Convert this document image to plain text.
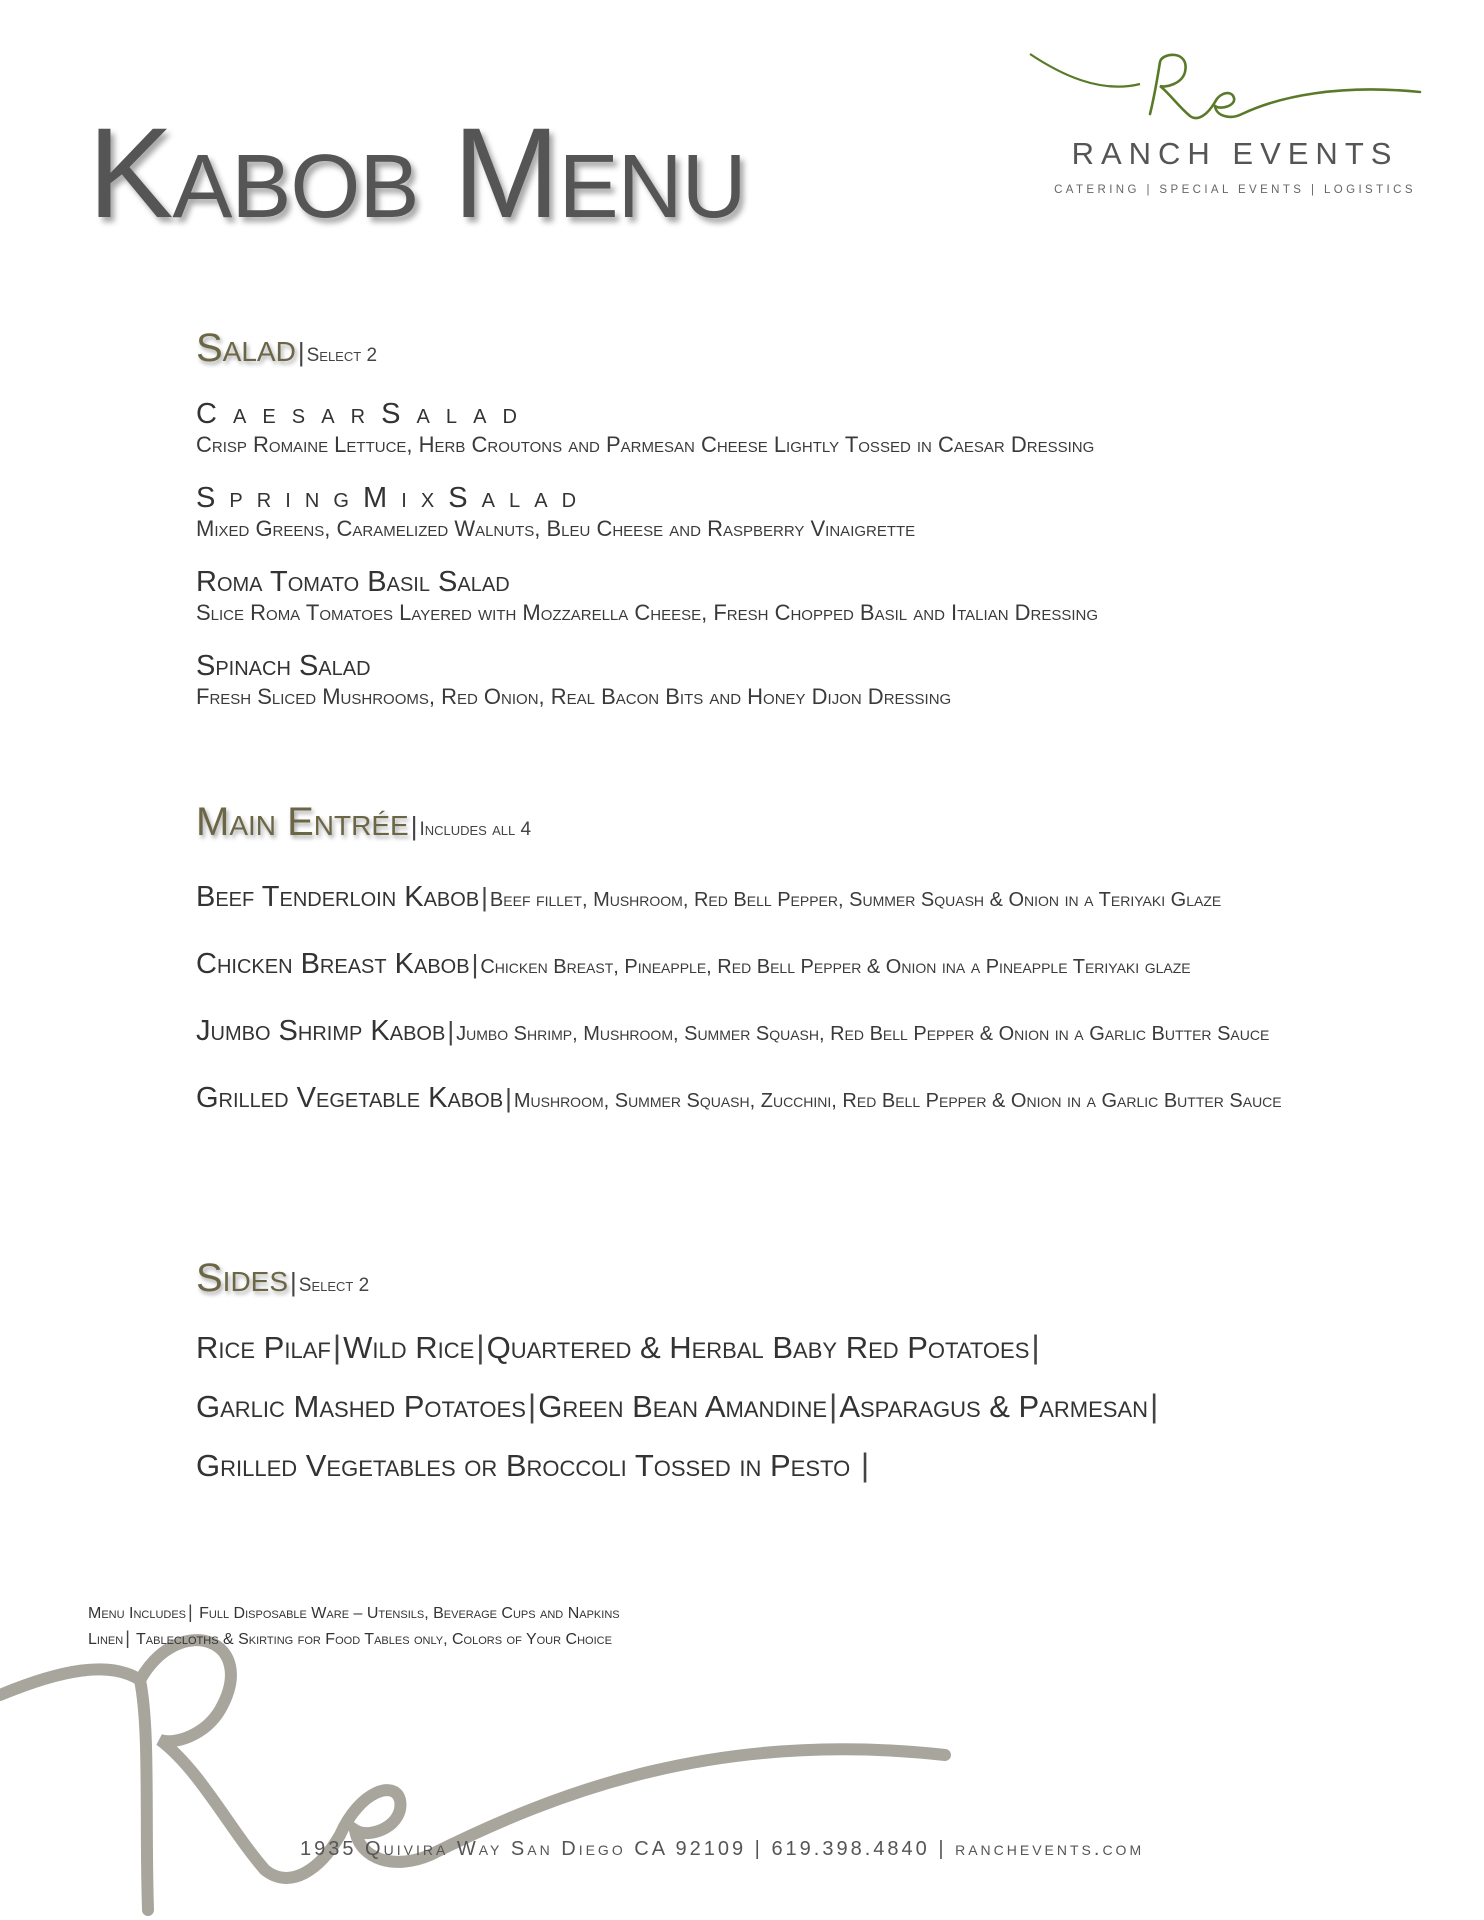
Kabob Menu	RANCH EVENTS
CATERING | SPECIAL EVENTS | LOGISTICS
Salad| Select 2
C a e s a r S a l a d
Crisp Romaine Lettuce, Herb Croutons and Parmesan Cheese Lightly Tossed in Caesar Dressing
S p r i n g M i x S a l a d
Mixed Greens, Caramelized Walnuts, Bleu Cheese and Raspberry Vinaigrette
Roma Tomato Basil Salad
Slice Roma Tomatoes Layered with Mozzarella Cheese, Fresh Chopped Basil and Italian Dressing
Spinach Salad
Fresh Sliced Mushrooms, Red Onion, Real Bacon Bits and Honey Dijon Dressing
Main Entrée| Includes all 4
Beef Tenderloin Kabob| Beef fillet, Mushroom, Red Bell Pepper, Summer Squash & Onion in a Teriyaki Glaze
Chicken Breast Kabob| Chicken Breast, Pineapple, Red Bell Pepper & Onion ina a Pineapple Teriyaki glaze
Jumbo Shrimp Kabob| Jumbo Shrimp, Mushroom, Summer Squash, Red Bell Pepper & Onion in a Garlic Butter Sauce
Grilled Vegetable Kabob| Mushroom, Summer Squash, Zucchini, Red Bell Pepper & Onion in a Garlic Butter Sauce
Sides| Select 2
Rice Pilaf|Wild Rice|Quartered & Herbal Baby Red Potatoes|
Garlic Mashed Potatoes|Green Bean Amandine|Asparagus & Parmesan|
Grilled Vegetables or Broccoli Tossed in Pesto |
Menu Includes | Full Disposable Ware – Utensils, Beverage Cups and Napkins
Linen | Tablecloths & Skirting for Food Tables only, Colors of Your Choice
1935 Quivira Way San Diego CA 92109 | 619.398.4840 | ranchevents.com
